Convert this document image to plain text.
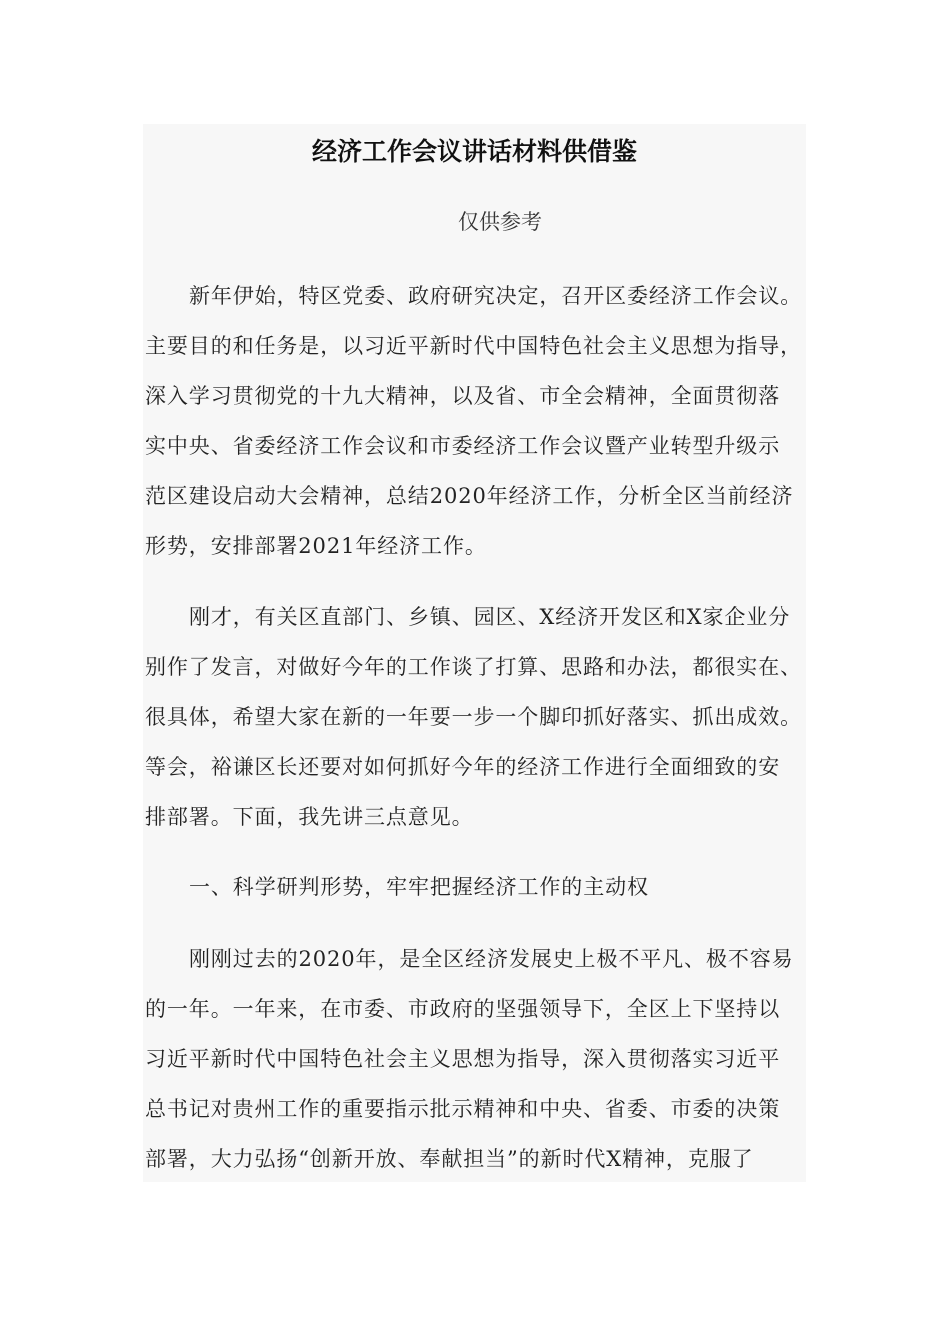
经济工作会议讲话材料供借鉴

仅供参考

新年伊始，特区党委、政府研究决定，召开区委经济工作会议。
主要目的和任务是，以习近平新时代中国特色社会主义思想为指导，
深入学习贯彻党的十九大精神，以及省、市全会精神，全面贯彻落
实中央、省委经济工作会议和市委经济工作会议暨产业转型升级示
范区建设启动大会精神，总结2020年经济工作，分析全区当前经济
形势，安排部署2021年经济工作。

刚才，有关区直部门、乡镇、园区、X经济开发区和X家企业分
别作了发言，对做好今年的工作谈了打算、思路和办法，都很实在、
很具体，希望大家在新的一年要一步一个脚印抓好落实、抓出成效。
等会，裕谦区长还要对如何抓好今年的经济工作进行全面细致的安
排部署。下面，我先讲三点意见。

一、科学研判形势，牢牢把握经济工作的主动权

刚刚过去的2020年，是全区经济发展史上极不平凡、极不容易
的一年。一年来，在市委、市政府的坚强领导下，全区上下坚持以
习近平新时代中国特色社会主义思想为指导，深入贯彻落实习近平
总书记对贵州工作的重要指示批示精神和中央、省委、市委的决策
部署，大力弘扬“创新开放、奉献担当”的新时代X精神，克服了
